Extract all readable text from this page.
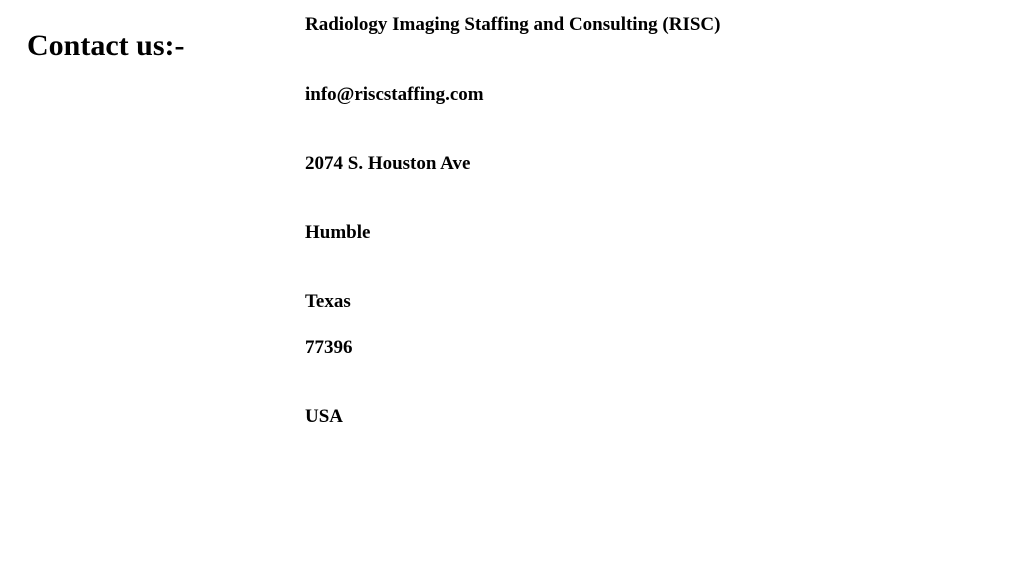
Contact us:-
Radiology Imaging Staffing and Consulting (RISC)
info@riscstaffing.com
2074 S. Houston Ave
Humble
Texas
77396
USA
